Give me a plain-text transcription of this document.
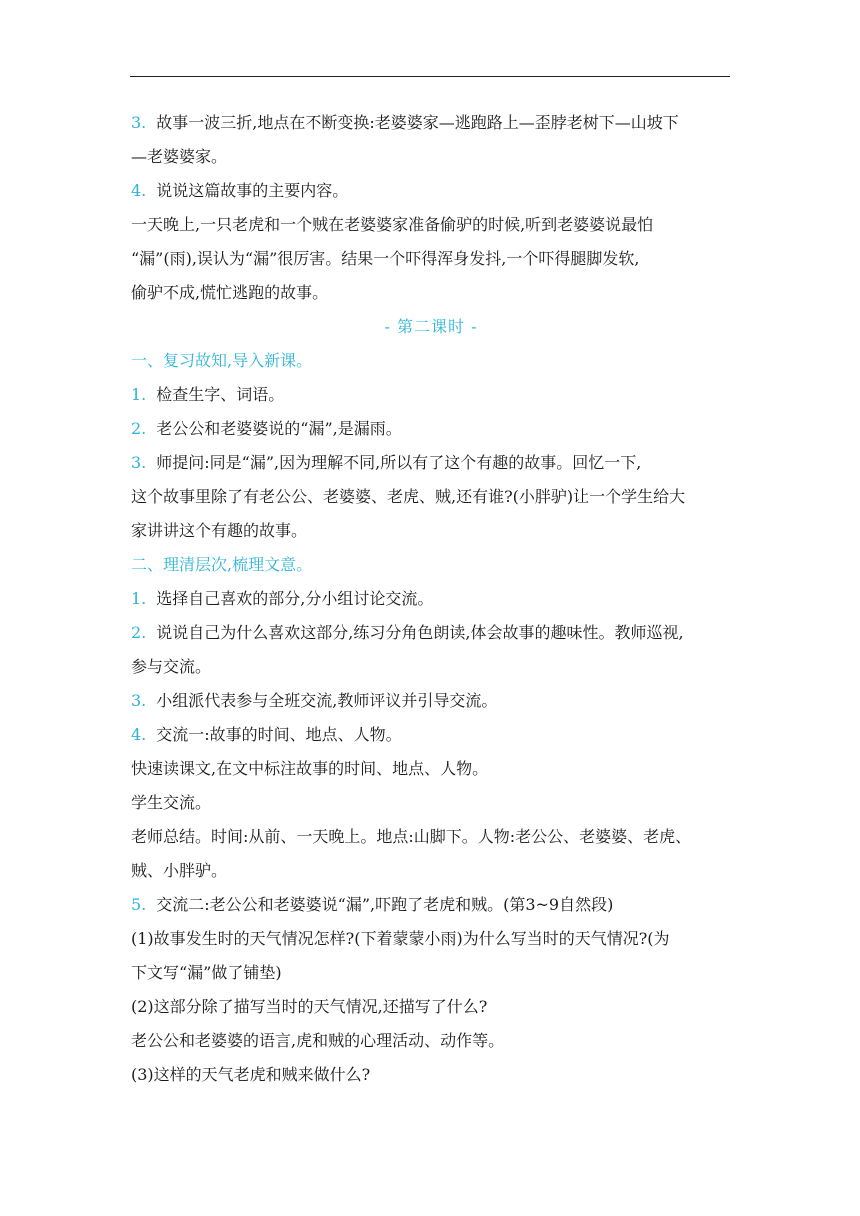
3. 故事一波三折,地点在不断变换:老婆婆家—逃跑路上—歪脖老树下—山坡下
—老婆婆家。
4. 说说这篇故事的主要内容。
一天晚上,一只老虎和一个贼在老婆婆家准备偷驴的时候,听到老婆婆说最怕
“漏”(雨),误认为“漏”很厉害。结果一个吓得浑身发抖,一个吓得腿脚发软,
偷驴不成,慌忙逃跑的故事。
- 第二课时 -
一、复习故知,导入新课。
1. 检查生字、词语。
2. 老公公和老婆婆说的“漏”,是漏雨。
3. 师提问:同是“漏”,因为理解不同,所以有了这个有趣的故事。回忆一下,
这个故事里除了有老公公、老婆婆、老虎、贼,还有谁?(小胖驴)让一个学生给大
家讲讲这个有趣的故事。
二、理清层次,梳理文意。
1. 选择自己喜欢的部分,分小组讨论交流。
2. 说说自己为什么喜欢这部分,练习分角色朗读,体会故事的趣味性。教师巡视,
参与交流。
3. 小组派代表参与全班交流,教师评议并引导交流。
4. 交流一:故事的时间、地点、人物。
快速读课文,在文中标注故事的时间、地点、人物。
学生交流。
老师总结。时间:从前、一天晚上。地点:山脚下。人物:老公公、老婆婆、老虎、
贼、小胖驴。
5. 交流二:老公公和老婆婆说“漏”,吓跑了老虎和贼。(第3~9自然段)
(1)故事发生时的天气情况怎样?(下着蒙蒙小雨)为什么写当时的天气情况?(为
下文写“漏”做了铺垫)
(2)这部分除了描写当时的天气情况,还描写了什么?
老公公和老婆婆的语言,虎和贼的心理活动、动作等。
(3)这样的天气老虎和贼来做什么?
